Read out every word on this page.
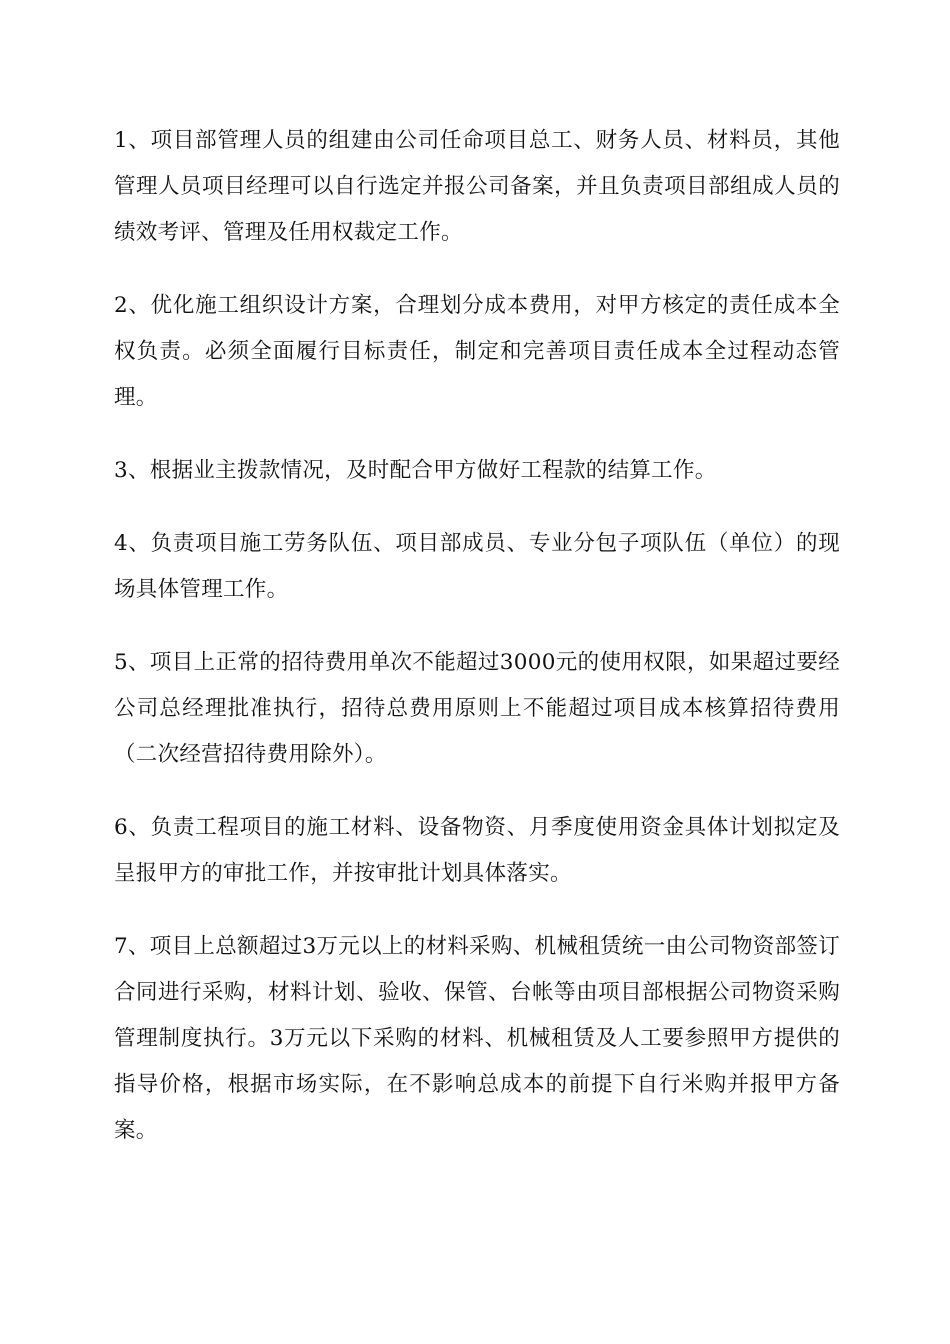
1、项目部管理人员的组建由公司任命项目总工、财务人员、材料员，其他管理人员项目经理可以自行选定并报公司备案，并且负责项目部组成人员的绩效考评、管理及任用权裁定工作。

2、优化施工组织设计方案，合理划分成本费用，对甲方核定的责任成本全权负责。必须全面履行目标责任，制定和完善项目责任成本全过程动态管理。

3、根据业主拨款情况，及时配合甲方做好工程款的结算工作。

4、负责项目施工劳务队伍、项目部成员、专业分包子项队伍（单位）的现场具体管理工作。

5、项目上正常的招待费用单次不能超过3000元的使用权限，如果超过要经公司总经理批准执行，招待总费用原则上不能超过项目成本核算招待费用（二次经营招待费用除外）。

6、负责工程项目的施工材料、设备物资、月季度使用资金具体计划拟定及呈报甲方的审批工作，并按审批计划具体落实。

7、项目上总额超过3万元以上的材料采购、机械租赁统一由公司物资部签订合同进行采购，材料计划、验收、保管、台帐等由项目部根据公司物资采购管理制度执行。3万元以下采购的材料、机械租赁及人工要参照甲方提供的指导价格，根据市场实际，在不影响总成本的前提下自行米购并报甲方备案。
